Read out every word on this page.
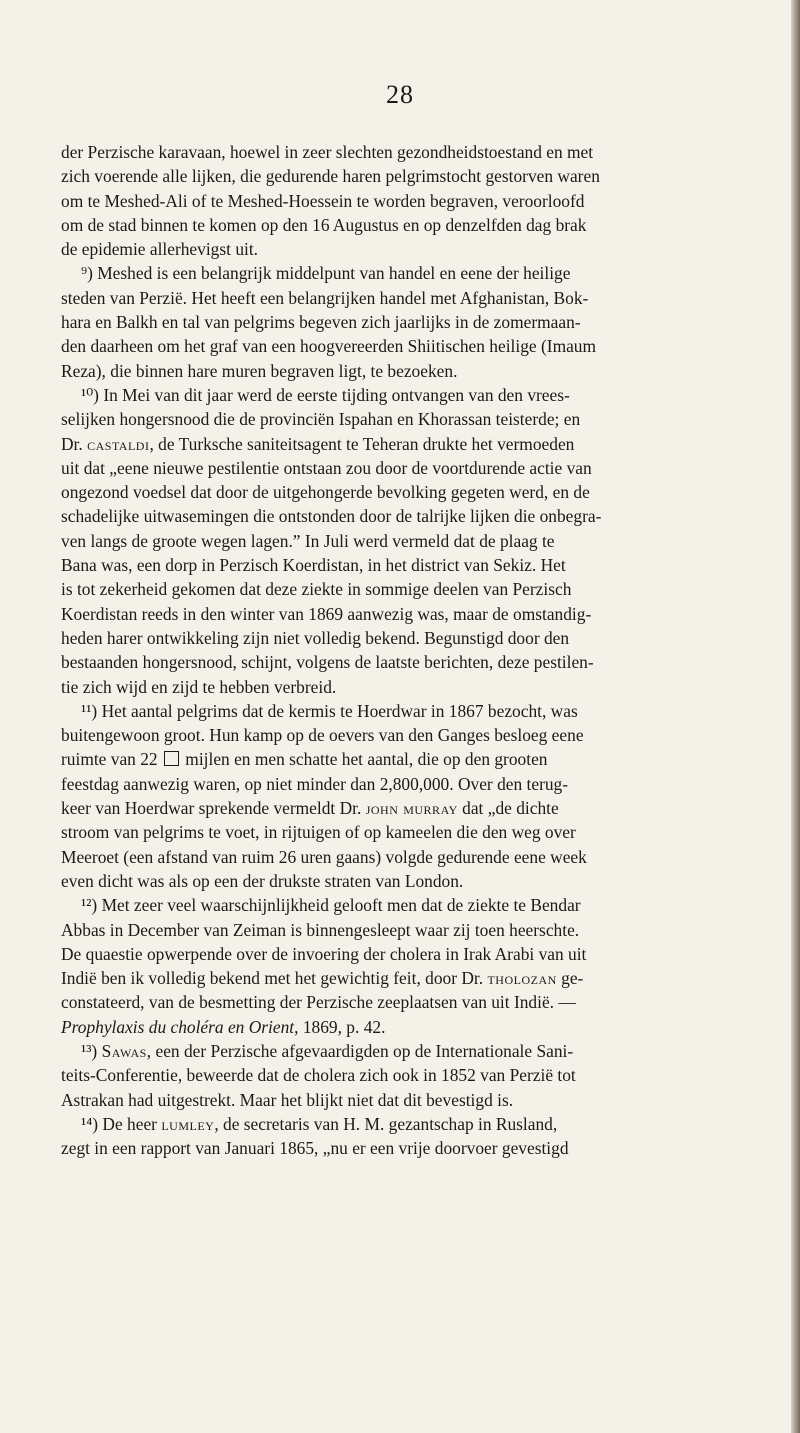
28
der Perzische karavaan, hoewel in zeer slechten gezondheidstoestand en met
zich voerende alle lijken, die gedurende haren pelgrimstocht gestorven waren
om te Meshed-Ali of te Meshed-Hoessein te worden begraven, veroorloofd
om de stad binnen te komen op den 16 Augustus en op denzelfden dag brak
de epidemie allerhevigst uit.
⁹) Meshed is een belangrijk middelpunt van handel en eene der heilige
steden van Perzië. Het heeft een belangrijken handel met Afghanistan, Bok-
hara en Balkh en tal van pelgrims begeven zich jaarlijks in de zomermaan-
den daarheen om het graf van een hoogvereerden Shiitischen heilige (Imaum
Reza), die binnen hare muren begraven ligt, te bezoeken.
¹⁰) In Mei van dit jaar werd de eerste tijding ontvangen van den vrees-
selijken hongersnood die de provinciën Ispahan en Khorassan teisterde; en
Dr. castaldi, de Turksche saniteitsagent te Teheran drukte het vermoeden
uit dat „eene nieuwe pestilentie ontstaan zou door de voortdurende actie van
ongezond voedsel dat door de uitgehongerde bevolking gegeten werd, en de
schadelijke uitwasemingen die ontstonden door de talrijke lijken die onbegra-
ven langs de groote wegen lagen.” In Juli werd vermeld dat de plaag te
Bana was, een dorp in Perzisch Koerdistan, in het district van Sekiz. Het
is tot zekerheid gekomen dat deze ziekte in sommige deelen van Perzisch
Koerdistan reeds in den winter van 1869 aanwezig was, maar de omstandig-
heden harer ontwikkeling zijn niet volledig bekend. Begunstigd door den
bestaanden hongersnood, schijnt, volgens de laatste berichten, deze pestilen-
tie zich wijd en zijd te hebben verbreid.
¹¹) Het aantal pelgrims dat de kermis te Hoerdwar in 1867 bezocht, was
buitengewoon groot. Hun kamp op de oevers van den Ganges besloeg eene
ruimte van 22  mijlen en men schatte het aantal, die op den grooten
feestdag aanwezig waren, op niet minder dan 2,800,000. Over den terug-
keer van Hoerdwar sprekende vermeldt Dr. john murray dat „de dichte
stroom van pelgrims te voet, in rijtuigen of op kameelen die den weg over
Meeroet (een afstand van ruim 26 uren gaans) volgde gedurende eene week
even dicht was als op een der drukste straten van London.
¹²) Met zeer veel waarschijnlijkheid gelooft men dat de ziekte te Bendar
Abbas in December van Zeiman is binnengesleept waar zij toen heerschte.
De quaestie opwerpende over de invoering der cholera in Irak Arabi van uit
Indië ben ik volledig bekend met het gewichtig feit, door Dr. tholozan ge-
constateerd, van de besmetting der Perzische zeeplaatsen van uit Indië. —
Prophylaxis du choléra en Orient, 1869, p. 42.
¹³) Sawas, een der Perzische afgevaardigden op de Internationale Sani-
teits-Conferentie, beweerde dat de cholera zich ook in 1852 van Perzië tot
Astrakan had uitgestrekt. Maar het blijkt niet dat dit bevestigd is.
¹⁴) De heer lumley, de secretaris van H. M. gezantschap in Rusland,
zegt in een rapport van Januari 1865, „nu er een vrije doorvoer gevestigd
